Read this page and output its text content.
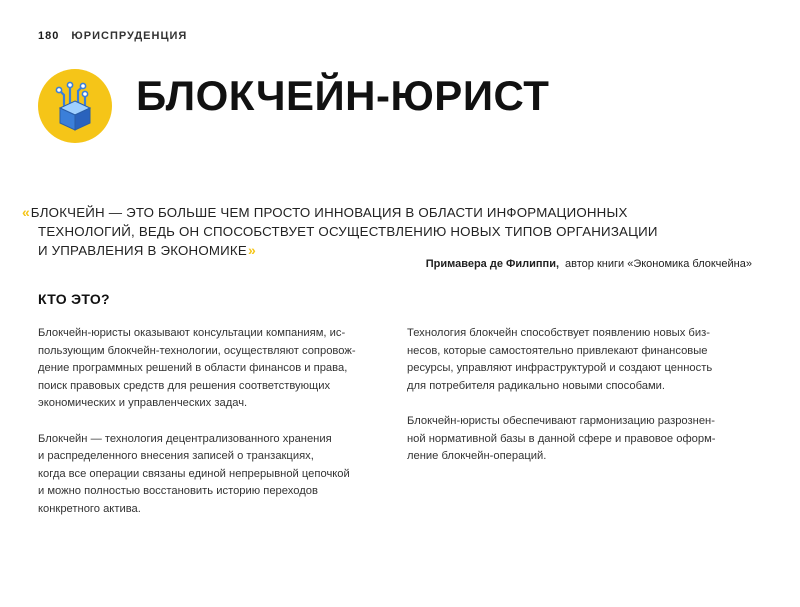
180 ЮРИСПРУДЕНЦИЯ
БЛОКЧЕЙН-ЮРИСТ
« БЛОКЧЕЙН — ЭТО БОЛЬШЕ ЧЕМ ПРОСТО ИННОВАЦИЯ В ОБЛАСТИ ИНФОРМАЦИОННЫХ
ТЕХНОЛОГИЙ, ВЕДЬ ОН СПОСОБСТВУЕТ ОСУЩЕСТВЛЕНИЮ НОВЫХ ТИПОВ ОРГАНИЗАЦИИ
И УПРАВЛЕНИЯ В ЭКОНОМИКЕ»
Примавера де Филиппи, автор книги «Экономика блокчейна»
КТО ЭТО?

Блокчейн-юристы оказывают консультации компаниям, ис-
пользующим блокчейн-технологии, осуществляют сопровож-
дение программных решений в области финансов и права,
поиск правовых средств для решения соответствующих
экономических и управленческих задач.

Блокчейн — технология децентрализованного хранения
и распределенного внесения записей о транзакциях,
когда все операции связаны единой непрерывной цепочкой
и можно полностью восстановить историю переходов
конкретного актива.

Технология блокчейн способствует появлению новых биз-
несов, которые самостоятельно привлекают финансовые
ресурсы, управляют инфраструктурой и создают ценность
для потребителя радикально новыми способами.

Блокчейн-юристы обеспечивают гармонизацию разрознен-
ной нормативной базы в данной сфере и правовое оформ-
ление блокчейн-операций.
